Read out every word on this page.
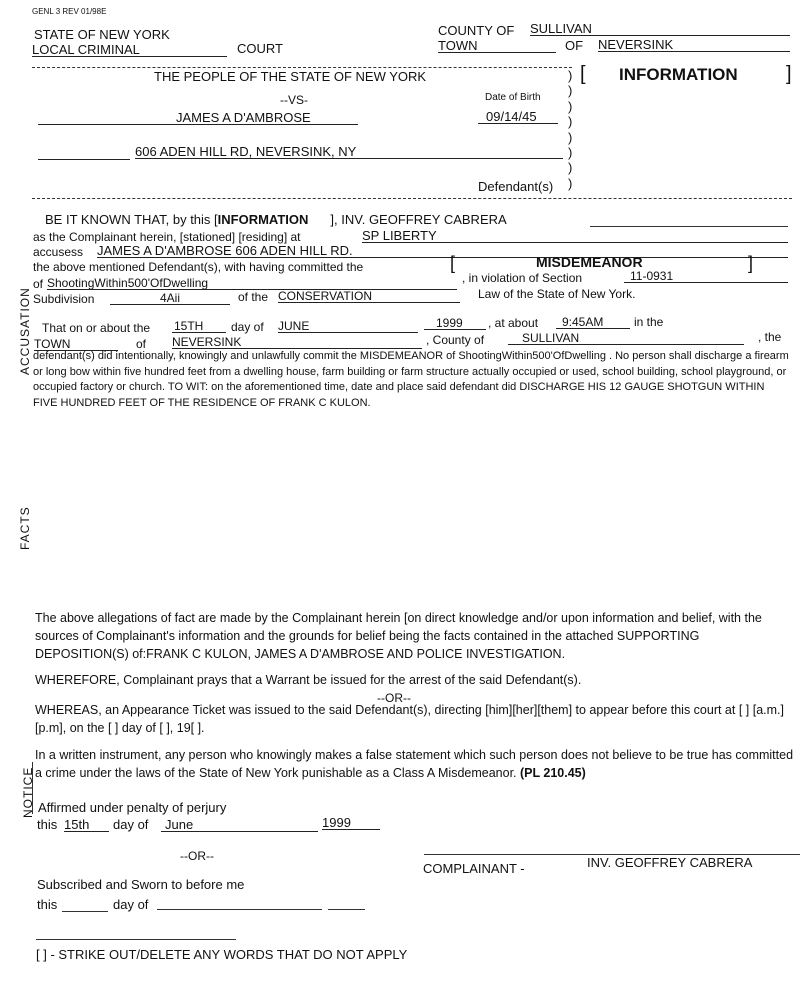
GENL 3 REV 01/98E
STATE OF NEW YORK
LOCAL CRIMINAL	COURT
COUNTY OF SULLIVAN
TOWN	OF NEVERSINK
THE PEOPLE OF THE STATE OF NEW YORK
--VS-	Date of Birth
JAMES A D'AMBROSE	09/14/45

606 ADEN HILL RD, NEVERSINK, NY
Defendant(s)
)
)
)
)
)
)
)
)
[ INFORMATION ]
ACCUSATION
BE IT KNOWN THAT, by this [INFORMATION ], INV. GEOFFREY CABRERA
as the Complainant herein, [stationed] [residing] at	SP LIBERTY
accusess JAMES A D'AMBROSE 606 ADEN HILL RD.
the above mentioned Defendant(s), with having committed the	[	MISDEMEANOR	]
of ShootingWithin500'OfDwelling	, in violation of Section	11-0931
Subdivision	4Aii	of the CONSERVATION	Law of the State of New York.
FACTS
That on or about the 15TH	day of JUNE	1999	, at about	9:45AM	in the
TOWN	of NEVERSINK	, County of	SULLIVAN	, the
defendant(s) did intentionally, knowingly and unlawfully commit the MISDEMEANOR of ShootingWithin500'OfDwelling . No person shall discharge a firearm or long bow within five hundred feet from a dwelling house, farm building or farm structure actually occupied or used, school building, school playground, or occupied factory or church. TO WIT: on the aforementioned time, date and place said defendant did DISCHARGE HIS 12 GAUGE SHOTGUN WITHIN FIVE HUNDRED FEET OF THE RESIDENCE OF FRANK C KULON.
The above allegations of fact are made by the Complainant herein [on direct knowledge and/or upon information and belief, with the sources of Complainant's information and the grounds for belief being the facts contained in the attached SUPPORTING DEPOSITION(S) of:FRANK C KULON, JAMES A D'AMBROSE AND POLICE INVESTIGATION.
WHEREFORE, Complainant prays that a Warrant be issued for the arrest of the said Defendant(s).
--OR--
WHEREAS, an Appearance Ticket was issued to the said Defendant(s), directing [him][her][them] to appear before this court at [ ] [a.m.][p.m], on the [ ] day of [ ], 19[ ].
NOTICE
In a written instrument, any person who knowingly makes a false statement which such person does not believe to be true has committed a crime under the laws of the State of New York punishable as a Class A Misdemeanor. (PL 210.45)
Affirmed under penalty of perjury
this 15th	day of	June	1999
--OR--
Subscribed and Sworn to before me
this	day of
COMPLAINANT -	INV. GEOFFREY CABRERA
[ ] - STRIKE OUT/DELETE ANY WORDS THAT DO NOT APPLY
